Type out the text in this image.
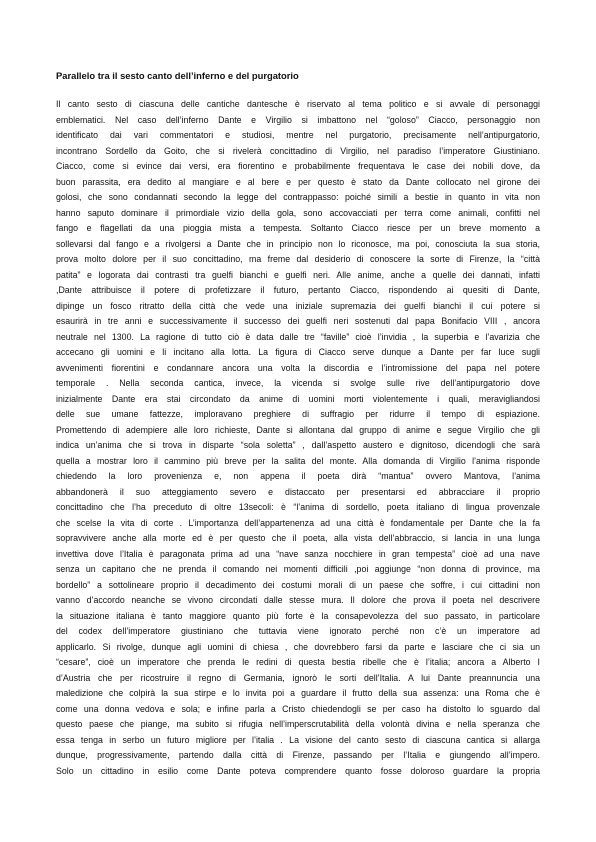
Parallelo tra il sesto canto dell’inferno e del purgatorio
Il canto sesto di ciascuna delle cantiche dantesche è riservato al tema politico e si avvale di personaggi
emblematici. Nel caso dell’inferno Dante e Virgilio si imbattono nel “goloso” Ciacco, personaggio non
identificato dai vari commentatori e studiosi, mentre nel purgatorio, precisamente nell’antipurgatorio,
incontrano Sordello da Goito, che si rivelerà concittadino di Virgilio, nel paradiso l’imperatore Giustiniano.
Ciacco, come si evince dai versi, era fiorentino e probabilmente frequentava le case dei nobili dove, da
buon parassita, era dedito al mangiare e al bere e per questo è stato da Dante collocato nel girone dei
golosi, che sono condannati secondo la legge del contrappasso: poiché simili a bestie in quanto in vita non
hanno saputo dominare il primordiale vizio della gola, sono accovacciati per terra come animali, confitti nel
fango e flagellati da una pioggia mista a tempesta. Soltanto Ciacco riesce per un breve momento a
sollevarsi dal fango e a rivolgersi a Dante che in principio non lo riconosce, ma poi, conosciuta la sua storia,
prova molto dolore per il suo concittadino, ma freme dal desiderio di conoscere la sorte di Firenze, la “città
patita” e logorata dai contrasti tra guelfi bianchi e guelfi neri. Alle anime, anche a quelle dei dannati, infatti
,Dante attribuisce il potere di profetizzare il futuro, pertanto Ciacco, rispondendo ai quesiti di Dante,
dipinge un fosco ritratto della città che vede una iniziale supremazia dei guelfi bianchi il cui potere si
esaurirà in tre anni e successivamente il successo dei guelfi neri sostenuti dal papa Bonifacio VIII , ancora
neutrale nel 1300. La ragione di tutto ciò è data dalle tre “faville” cioè l’invidia , la superbia e l’avarizia che
accecano gli uomini e li incitano alla lotta. La figura di Ciacco serve dunque a Dante per far luce sugli
avvenimenti fiorentini e condannare ancora una volta la discordia e l’intromissione del papa nel potere
temporale . Nella seconda cantica, invece, la vicenda si svolge sulle rive dell’antipurgatorio dove
inizialmente Dante era stai circondato da anime di uomini morti violentemente i quali, meravigliandosi
delle sue umane fattezze, imploravano preghiere di suffragio per ridurre il tempo di espiazione.
Promettendo di adempiere alle loro richieste, Dante si allontana dal gruppo di anime e segue Virgilio che gli
indica un’anima che si trova in disparte “sola soletta” , dall’aspetto austero e dignitoso, dicendogli che sarà
quella a mostrar loro il cammino più breve per la salita del monte. Alla domanda di Virgilio l’anima risponde
chiedendo la loro provenienza e, non appena il poeta dirà “mantua” ovvero Mantova, l’anima
abbandonerà il suo atteggiamento severo e distaccato per presentarsi ed abbracciare il proprio
concittadino che l’ha preceduto di oltre 13secoli: è “l’anima di sordello, poeta italiano di lingua provenzale
che scelse la vita di corte . L’importanza dell’appartenenza ad una città è fondamentale per Dante che la fa
sopravvivere anche alla morte ed è per questo che il poeta, alla vista dell’abbraccio, si lancia in una lunga
invettiva dove l’Italia è paragonata prima ad una “nave sanza nocchiere in gran tempesta” cioè ad una nave
senza un capitano che ne prenda il comando nei momenti difficili ,poi aggiunge “non donna di province, ma
bordello” a sottolineare proprio il decadimento dei costumi morali di un paese che soffre, i cui cittadini non
vanno d’accordo neanche se vivono circondati dalle stesse mura. Il dolore che prova il poeta nel descrivere
la situazione italiana è tanto maggiore quanto più forte è la consapevolezza del suo passato, in particolare
del codex dell’imperatore giustiniano che tuttavia viene ignorato perché non c’è un imperatore ad
applicarlo. Si rivolge, dunque agli uomini di chiesa , che dovrebbero farsi da parte e lasciare che ci sia un
“cesare”, cioè un imperatore che prenda le redini di questa bestia ribelle che è l’italia; ancora a Alberto I
d’Austria che per ricostruire il regno di Germania, ignorò le sorti dell’Italia. A lui Dante preannuncia una
maledizione che colpirà la sua stirpe e lo invita poi a guardare il frutto della sua assenza: una Roma che è
come una donna vedova e sola; e infine parla a Cristo chiedendogli se per caso ha distolto lo sguardo dal
questo paese che piange, ma subito si rifugia nell’imperscrutabilità della volontà divina e nella speranza che
essa tenga in serbo un futuro migliore per l’italia . La visione del canto sesto di ciascuna cantica si allarga
dunque, progressivamente, partendo dalla città di Firenze, passando per l’Italia e giungendo all’impero.
Solo un cittadino in esilio come Dante poteva comprendere quanto fosse doloroso guardare la propria
